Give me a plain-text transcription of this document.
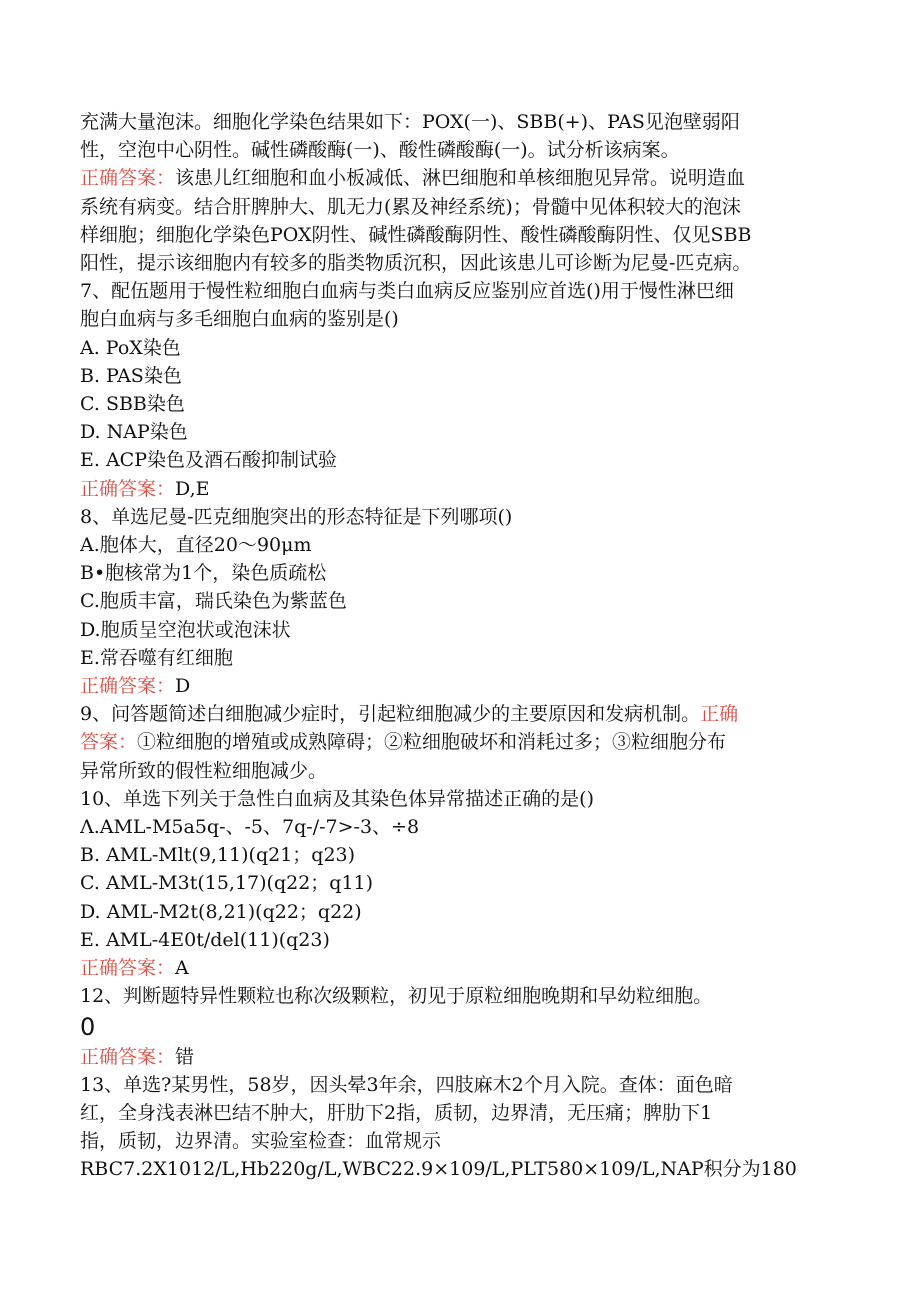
充满大量泡沫。细胞化学染色结果如下：POX(一)、SBB(+)、PAS见泡壁弱阳
性，空泡中心阴性。碱性磷酸酶(一)、酸性磷酸酶(一)。试分析该病案。
正确答案：该患儿红细胞和血小板减低、淋巴细胞和单核细胞见异常。说明造血
系统有病变。结合肝脾肿大、肌无力(累及神经系统)；骨髓中见体积较大的泡沫
样细胞；细胞化学染色POX阴性、碱性磷酸酶阴性、酸性磷酸酶阴性、仅见SBB
阳性，提示该细胞内有较多的脂类物质沉积，因此该患儿可诊断为尼曼-匹克病。
7、配伍题用于慢性粒细胞白血病与类白血病反应鉴别应首选()用于慢性淋巴细
胞白血病与多毛细胞白血病的鉴别是()
A. PoX染色
B. PAS染色
C. SBB染色
D. NAP染色
E. ACP染色及酒石酸抑制试验
正确答案：D,E
8、单选尼曼-匹克细胞突出的形态特征是下列哪项()
A.胞体大，直径20～90μm
B•胞核常为1个，染色质疏松
C.胞质丰富，瑞氏染色为紫蓝色
D.胞质呈空泡状或泡沫状
E.常吞噬有红细胞
正确答案：D
9、问答题简述白细胞减少症时，引起粒细胞减少的主要原因和发病机制。正确
答案：①粒细胞的增殖或成熟障碍；②粒细胞破坏和消耗过多；③粒细胞分布
异常所致的假性粒细胞减少。
10、单选下列关于急性白血病及其染色体异常描述正确的是()
Λ.AML-M5a5q-、-5、7q-/-7>-3、÷8
B. AML-Mlt(9,11)(q21；q23)
C. AML-M3t(15,17)(q22；q11)
D. AML-M2t(8,21)(q22；q22)
E. AML-4E0t/del(11)(q23)
正确答案：A
12、判断题特异性颗粒也称次级颗粒，初见于原粒细胞晚期和早幼粒细胞。
0
正确答案：错
13、单选?某男性，58岁，因头晕3年余，四肢麻木2个月入院。查体：面色暗
红，全身浅表淋巴结不肿大，肝肋下2指，质韧，边界清，无压痛；脾肋下1
指，质韧，边界清。实验室检查：血常规示
RBC7.2X1012/L,Hb220g/L,WBC22.9×109/L,PLT580×109/L,NAP积分为180
